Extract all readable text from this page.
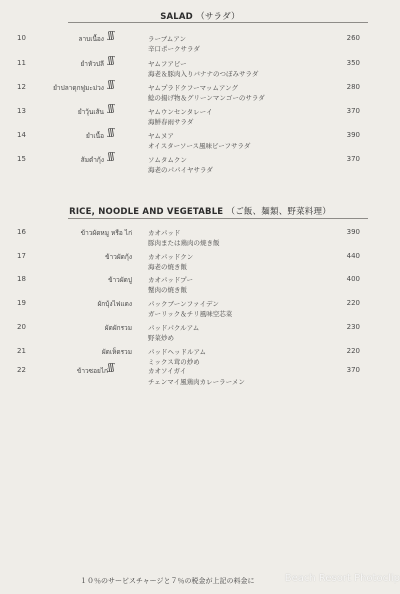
SALAD （サラダ）
10	ลาบเนื้อง ʃʃʃ	ラーブムアン
辛口ポークサラダ
260
11	ยำหัวปลี ʃʃʃ	ヤムフアピー
海老＆豚肉入りバナナのつぼみサラダ
350
12	ยำปลาดุกฟูมะม่วง ʃʃʃ	ヤムプラドクフーマッムアング
鯰の揚げ物＆グリーンマンゴーのサラダ
280
13	ยำวุ้นเส้น ʃʃʃ	ヤムウンセンタレーイ
海鮮春雨サラダ
370
14	ยำเนื้อ ʃʃʃ	ヤムヌア
オイスターソース風味ビーフサラダ
390
15	ส้มตำกุ้ง ʃʃʃ	ソムタムクン
海老のパパイヤサラダ
370
RICE, NOODLE AND VEGETABLE （ご飯、麺類、野菜料理）
16	ข้าวผัดหมู หรือ ไก่ カオパッド
豚肉または鶏肉の焼き飯
390
17	ข้าวผัดกุ้ง カオパッドクン
海老の焼き飯
440
18	ข้าวผัดปู カオパッドプー
蟹肉の焼き飯
400
19	ผักบุ้งไฟแดง パックブーンファイデン
ガーリック＆チリ風味空芯菜
220
20	ผัดผักรวม パッドパクルアム
野菜炒め
230
21	ผัดเห็ดรวม パッドヘッドルアム
ミックス茸の炒め
220
22	ข้าวซอยไก่ ʃʃʃ	カオソイガイ
チェンマイ風鶏肉カレーラーメン
370
１０％のサービスチャージと７％の税金が上記の料金に	Beach Resort Photoclip
